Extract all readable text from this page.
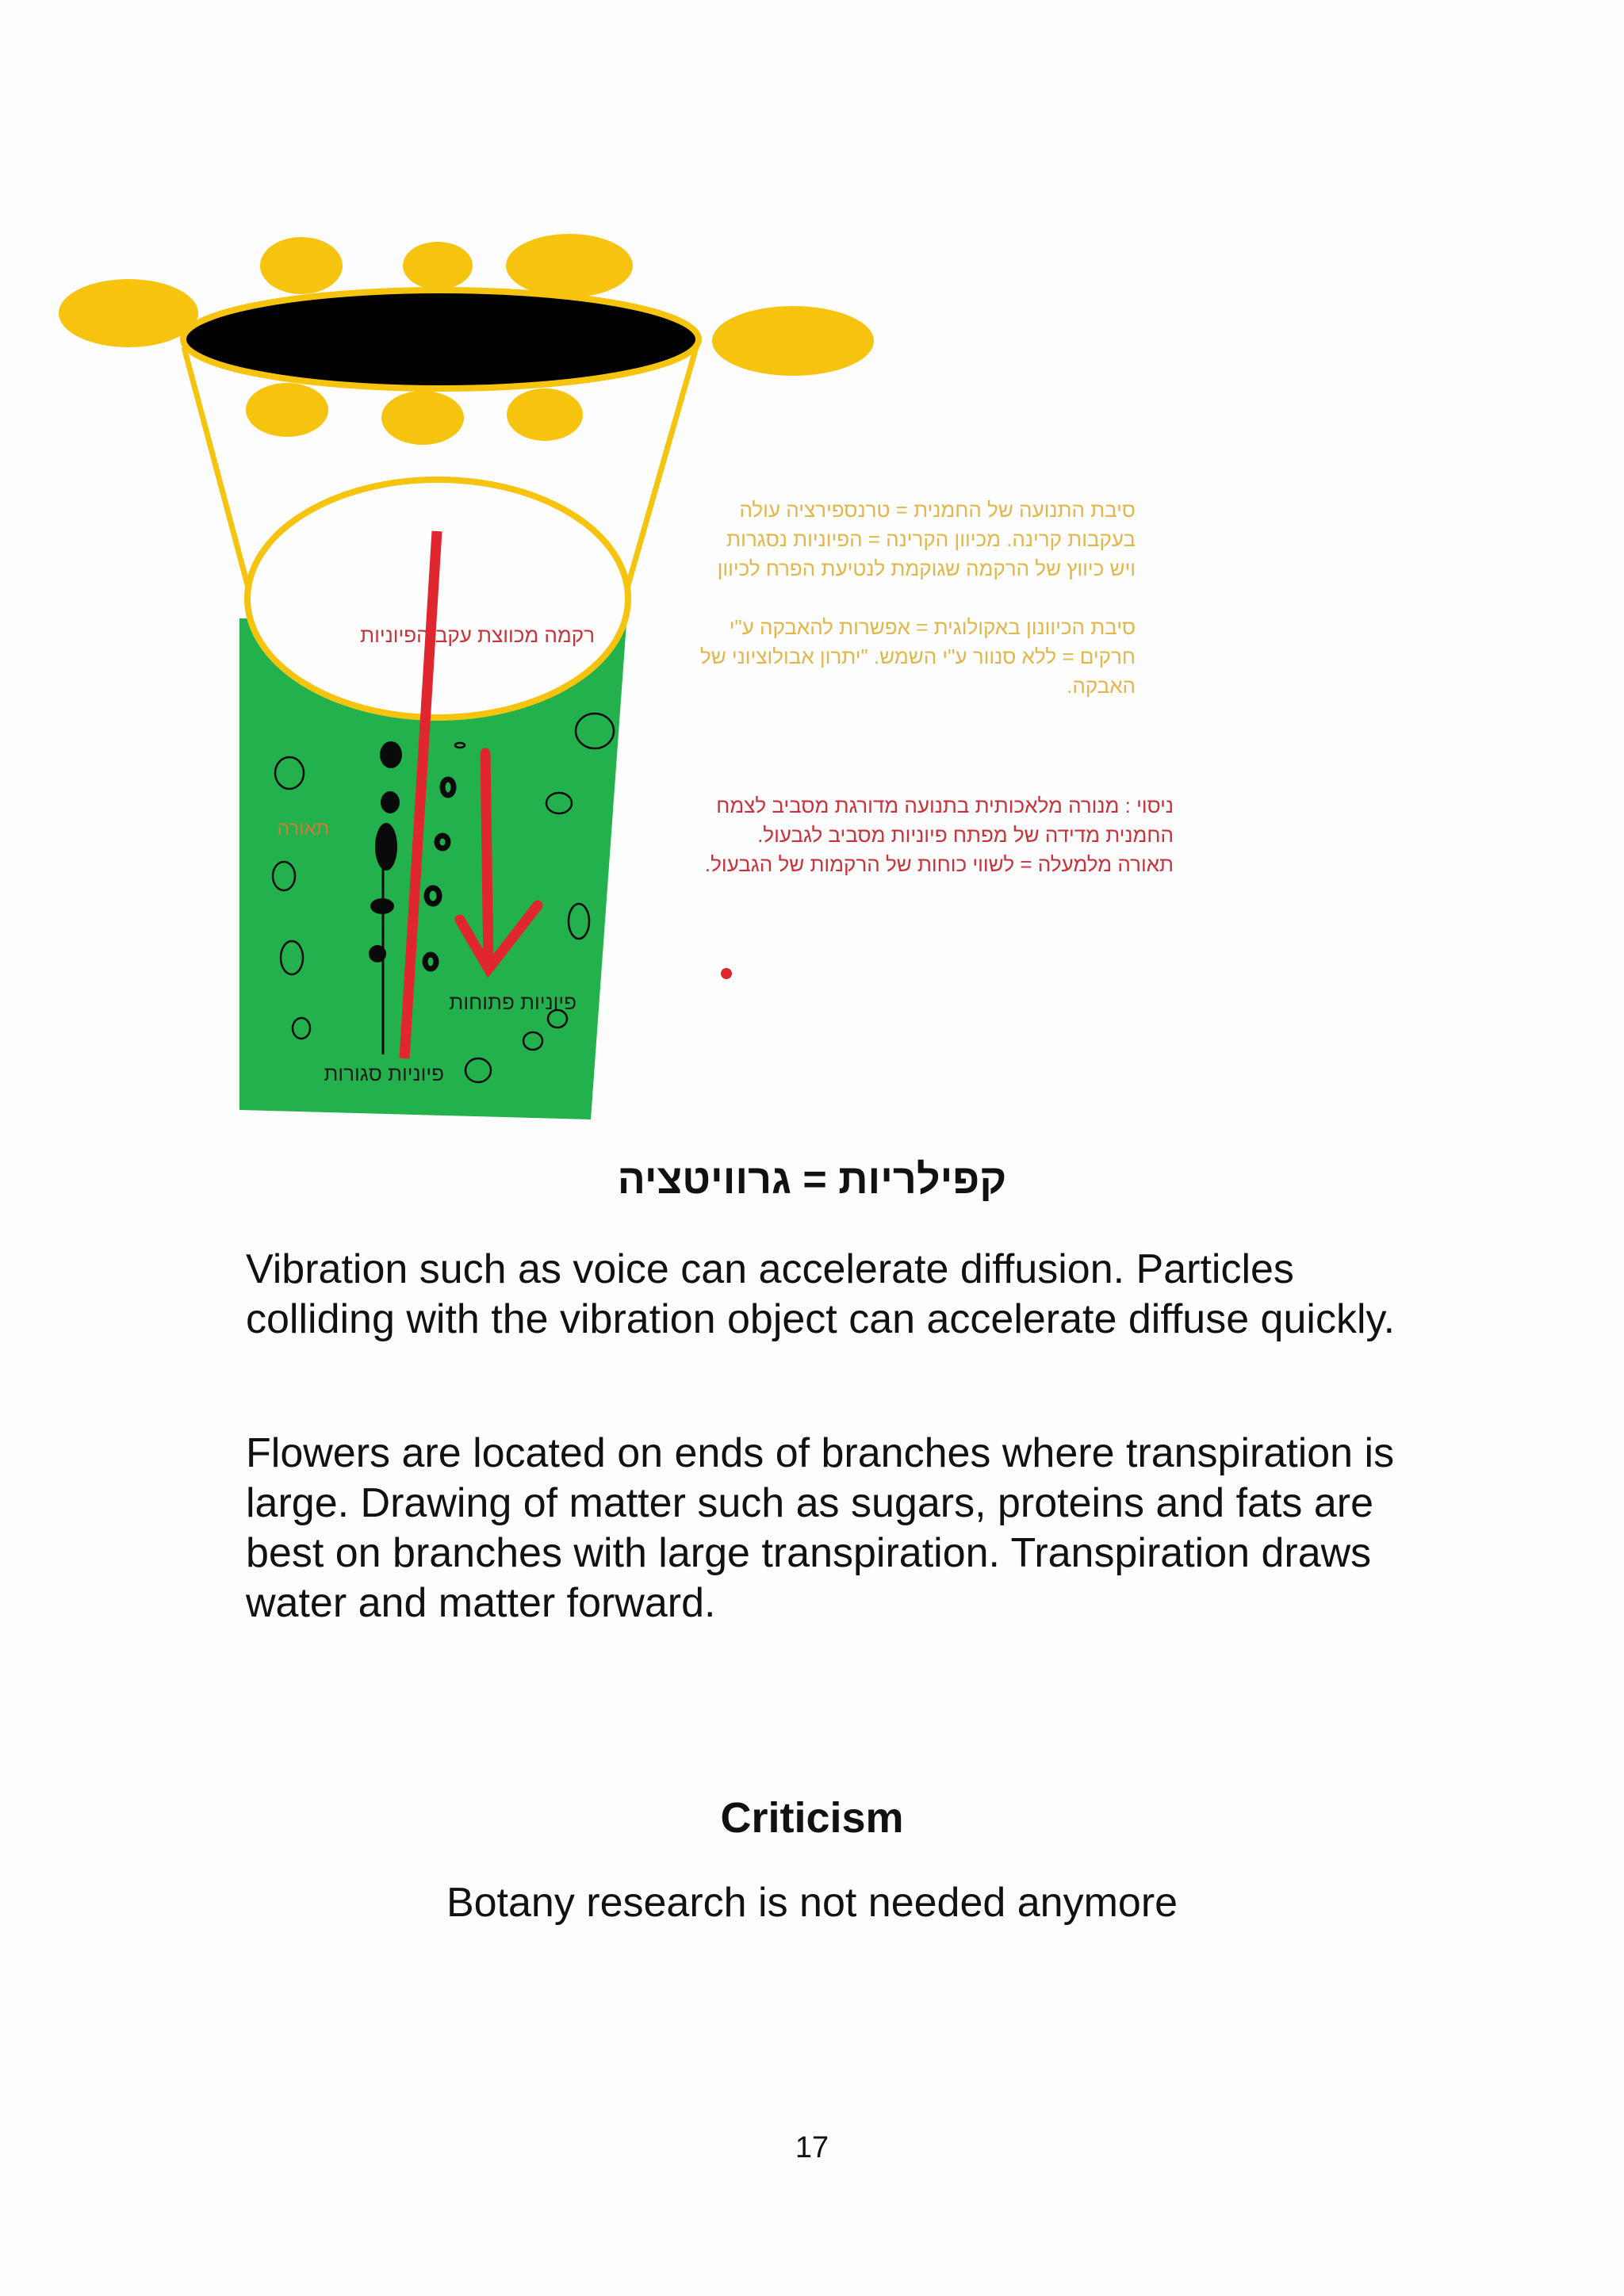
רקמה מכווצת עקב הפיוניות
תאורה
פיוניות פתוחות
פיוניות סגורות
סיבת התנועה של החמנית = טרנספירציה עולה
בעקבות קרינה. מכיוון הקרינה = הפיוניות נסגרות
ויש כיווץ של הרקמה שגוקמת לנטיעת הפרח לכיוון
סיבת הכיוונון באקולוגית = אפשרות להאבקה ע"י
חרקים = ללא סנוור ע"י השמש. "יתרון אבולוציוני של
האבקה.
ניסוי : מנורה מלאכותית בתנועה מדורגת מסביב לצמח
החמנית מדידה של מפתח פיוניות מסביב לגבעול.
תאורה מלמעלה = לשווי כוחות של הרקמות של הגבעול.
קפילריות = גרוויטציה

Vibration such as voice can accelerate diffusion. Particles colliding with the vibration object can accelerate diffuse quickly.

Flowers are located on ends of branches where transpiration is large. Drawing of matter such as sugars, proteins and fats are best on branches with large transpiration. Transpiration draws water and matter forward.

Criticism
Botany research is not needed anymore
17
